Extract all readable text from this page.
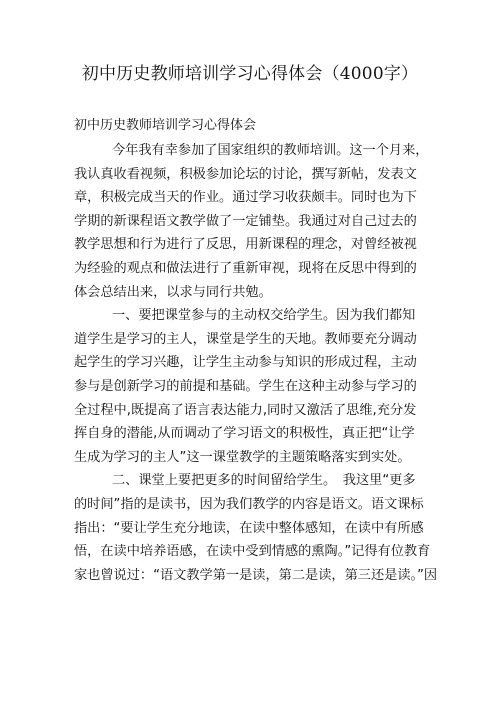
初中历史教师培训学习心得体会（4000字）
初中历史教师培训学习心得体会
今年我有幸参加了国家组织的教师培训。这一个月来，
我认真收看视频，积极参加论坛的讨论，撰写新帖，发表文
章，积极完成当天的作业。通过学习收获颇丰。同时也为下
学期的新课程语文教学做了一定铺垫。我通过对自己过去的
教学思想和行为进行了反思，用新课程的理念，对曾经被视
为经验的观点和做法进行了重新审视，现将在反思中得到的
体会总结出来，以求与同行共勉。
一、要把课堂参与的主动权交给学生。因为我们都知
道学生是学习的主人，课堂是学生的天地。教师要充分调动
起学生的学习兴趣，让学生主动参与知识的形成过程，主动
参与是创新学习的前提和基础。学生在这种主动参与学习的
全过程中,既提高了语言表达能力,同时又激活了思维,充分发
挥自身的潜能,从而调动了学习语文的积极性，真正把“让学
生成为学习的主人”这一课堂教学的主题策略落实到实处。
二、课堂上要把更多的时间留给学生。　我这里“更多
的时间”指的是读书，因为我们教学的内容是语文。语文课标
指出：“要让学生充分地读，在读中整体感知，在读中有所感
悟，在读中培养语感，在读中受到情感的熏陶。”记得有位教育
家也曾说过：“语文教学第一是读，第二是读，第三还是读。”因
